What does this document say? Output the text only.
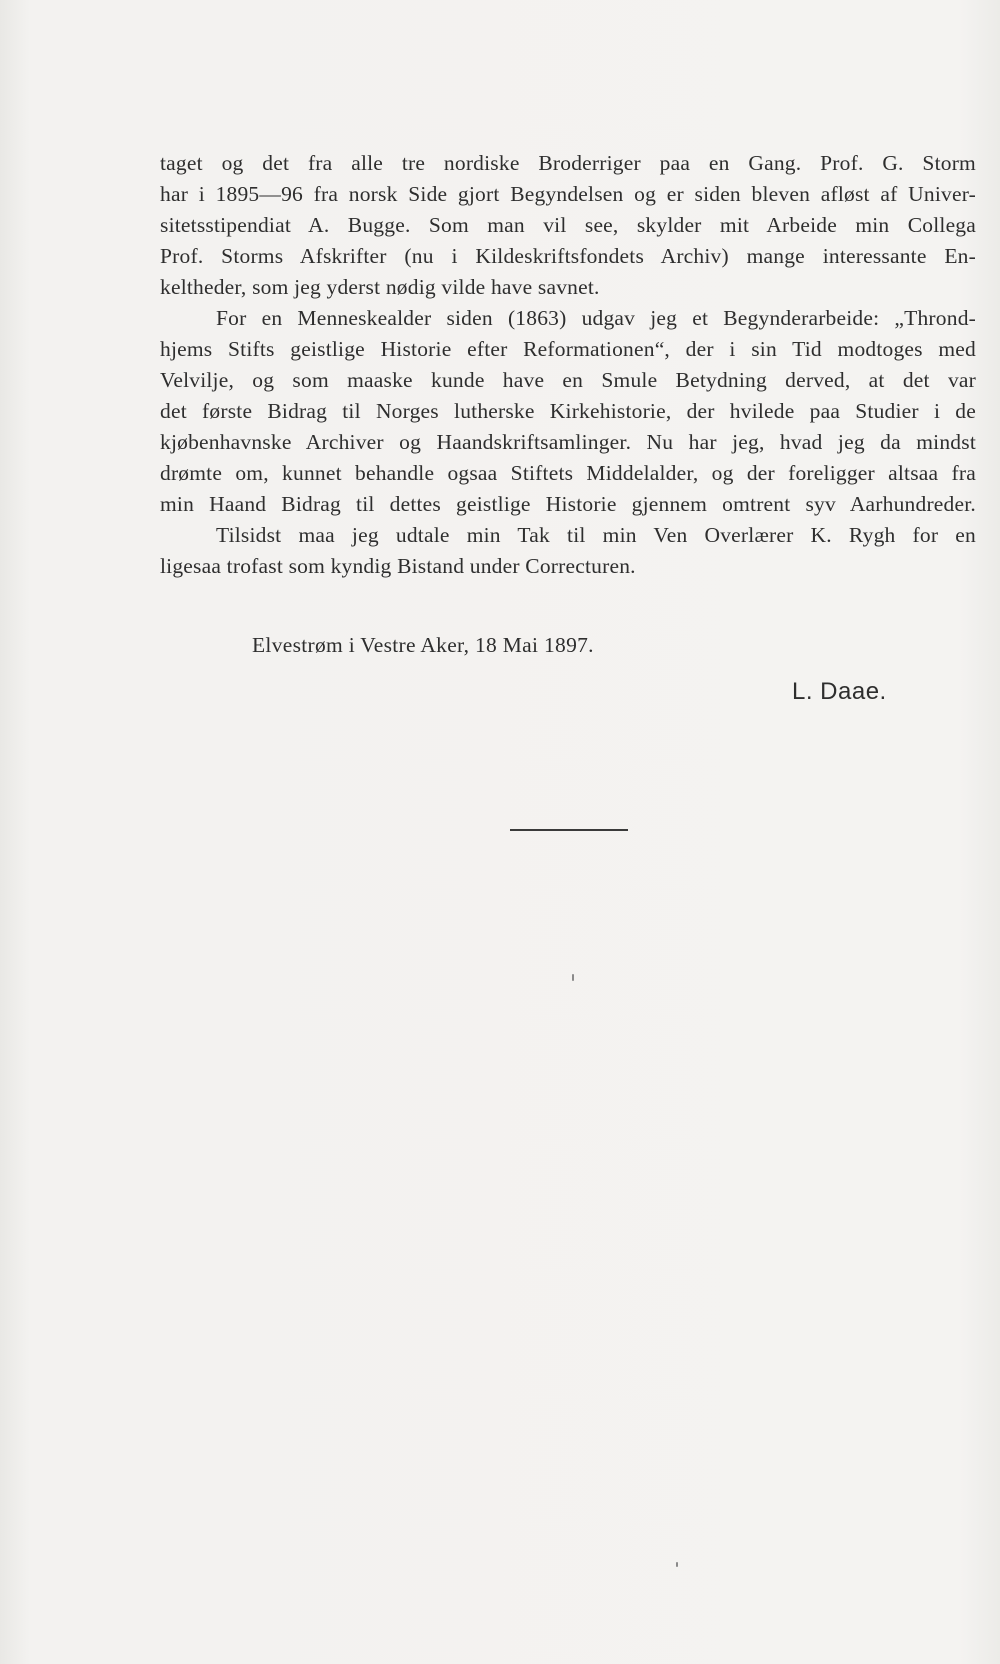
taget og det fra alle tre nordiske Broderriger paa en Gang. Prof. G. Storm
har i 1895—96 fra norsk Side gjort Begyndelsen og er siden bleven afløst af Univer-
sitetsstipendiat A. Bugge. Som man vil see, skylder mit Arbeide min Collega
Prof. Storms Afskrifter (nu i Kildeskriftsfondets Archiv) mange interessante En-
keltheder, som jeg yderst nødig vilde have savnet.
For en Menneskealder siden (1863) udgav jeg et Begynderarbeide: „Thrond-
hjems Stifts geistlige Historie efter Reformationen“, der i sin Tid modtoges med
Velvilje, og som maaske kunde have en Smule Betydning derved, at det var
det første Bidrag til Norges lutherske Kirkehistorie, der hvilede paa Studier i de
kjøbenhavnske Archiver og Haandskriftsamlinger. Nu har jeg, hvad jeg da mindst
drømte om, kunnet behandle ogsaa Stiftets Middelalder, og der foreligger altsaa fra
min Haand Bidrag til dettes geistlige Historie gjennem omtrent syv Aarhundreder.
Tilsidst maa jeg udtale min Tak til min Ven Overlærer K. Rygh for en
ligesaa trofast som kyndig Bistand under Correcturen.
Elvestrøm i Vestre Aker, 18 Mai 1897.
L. Daae.
